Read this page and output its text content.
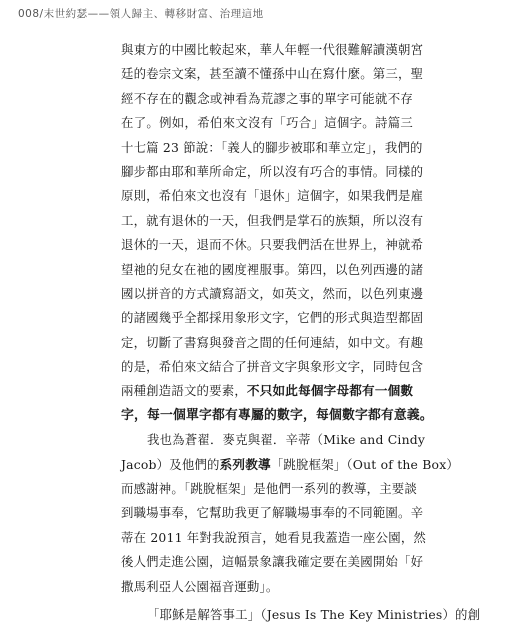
008/末世約瑟——領人歸主、轉移財富、治理這地
與東方的中國比較起來，華人年輕一代很難解讀漢朝宮
廷的卷宗文案，甚至讀不懂孫中山在寫什麼。第三，聖
經不存在的觀念或神看為荒謬之事的單字可能就不存
在了。例如，希伯來文沒有「巧合」這個字。詩篇三
十七篇 23 節說：「義人的腳步被耶和華立定」，我們的
腳步都由耶和華所命定，所以沒有巧合的事情。同樣的
原則，希伯來文也沒有「退休」這個字，如果我們是雇
工，就有退休的一天，但我們是掌石的族類，所以沒有
退休的一天，退而不休。只要我們活在世界上，神就希
望祂的兒女在祂的國度裡服事。第四，以色列西邊的諸
國以拼音的方式讀寫語文，如英文，然而，以色列東邊
的諸國幾乎全都採用象形文字，它們的形式與造型都固
定，切斷了書寫與發音之間的任何連結，如中文。有趣
的是，希伯來文結合了拼音文字與象形文字，同時包含
兩種創造語文的要素，不只如此每個字母都有一個數
字，每一個單字都有專屬的數字，每個數字都有意義。
我也為蒼翟．麥克與翟．辛蒂（Mike and Cindy
Jacob）及他們的系列教導「跳脫框架」（Out of the Box）
而感謝神。「跳脫框架」是他們一系列的教導，主要談
到職場事奉，它幫助我更了解職場事奉的不同範圍。辛
蒂在 2011 年對我說預言，她看見我蓋造一座公園，然
後人們走進公園，這幅景象讓我確定要在美國開始「好
撒馬利亞人公園福音運動」。
「耶穌是解答事工」（Jesus Is The Key Ministries）的創
